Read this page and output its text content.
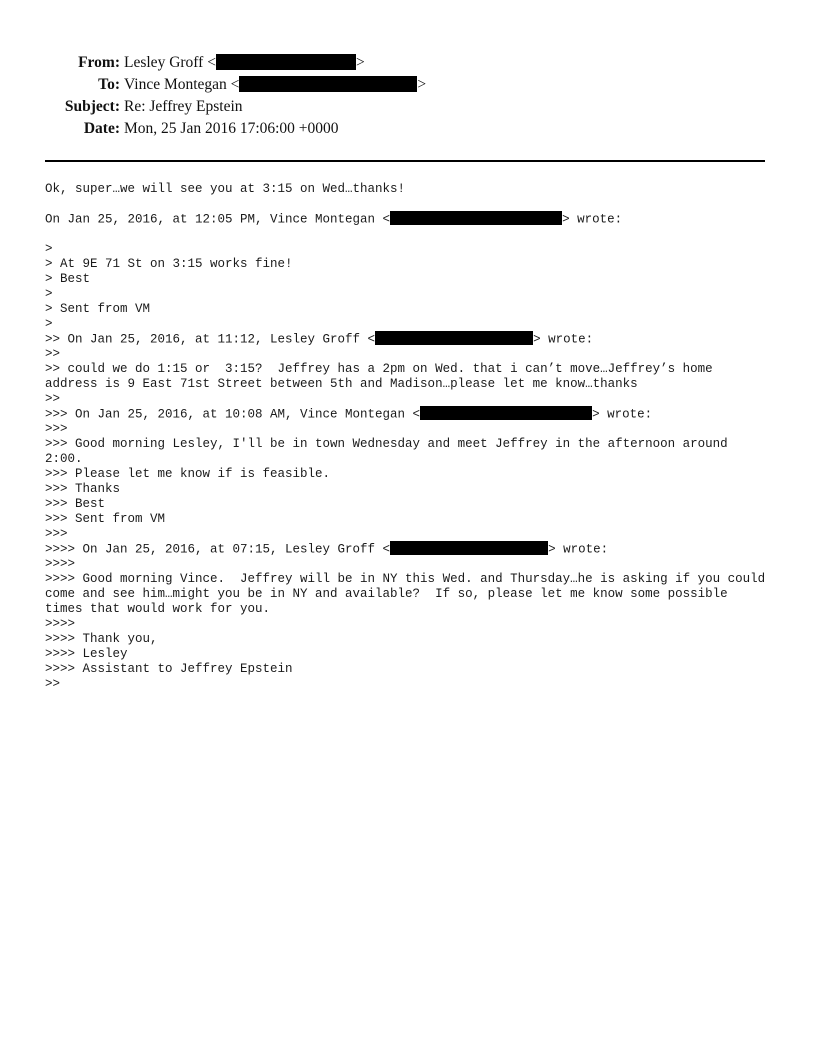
From: Lesley Groff <	>
To: Vince Montegan <	>
Subject: Re: Jeffrey Epstein
Date: Mon, 25 Jan 2016 17:06:00 +0000
Ok, super…we will see you at 3:15 on Wed…thanks!
On Jan 25, 2016, at 12:05 PM, Vince Montegan <	> wrote:
>
> At 9E 71 St on 3:15 works fine!
> Best
>
> Sent from VM
>
>> On Jan 25, 2016, at 11:12, Lesley Groff <	> wrote:
>>
>> could we do 1:15 or  3:15?  Jeffrey has a 2pm on Wed. that i can’t move…Jeffrey’s home address is 9 East 71st Street between 5th and Madison…please let me know…thanks
>>
>>> On Jan 25, 2016, at 10:08 AM, Vince Montegan <	> wrote:
>>>
>>> Good morning Lesley, I'll be in town Wednesday and meet Jeffrey in the afternoon around 2:00.
>>> Please let me know if is feasible.
>>> Thanks
>>> Best
>>> Sent from VM
>>>
>>>> On Jan 25, 2016, at 07:15, Lesley Groff <	> wrote:
>>>>
>>>> Good morning Vince.  Jeffrey will be in NY this Wed. and Thursday…he is asking if you could come and see him…might you be in NY and available?  If so, please let me know some possible times that would work for you.
>>>>
>>>> Thank you,
>>>> Lesley
>>>> Assistant to Jeffrey Epstein
>>
